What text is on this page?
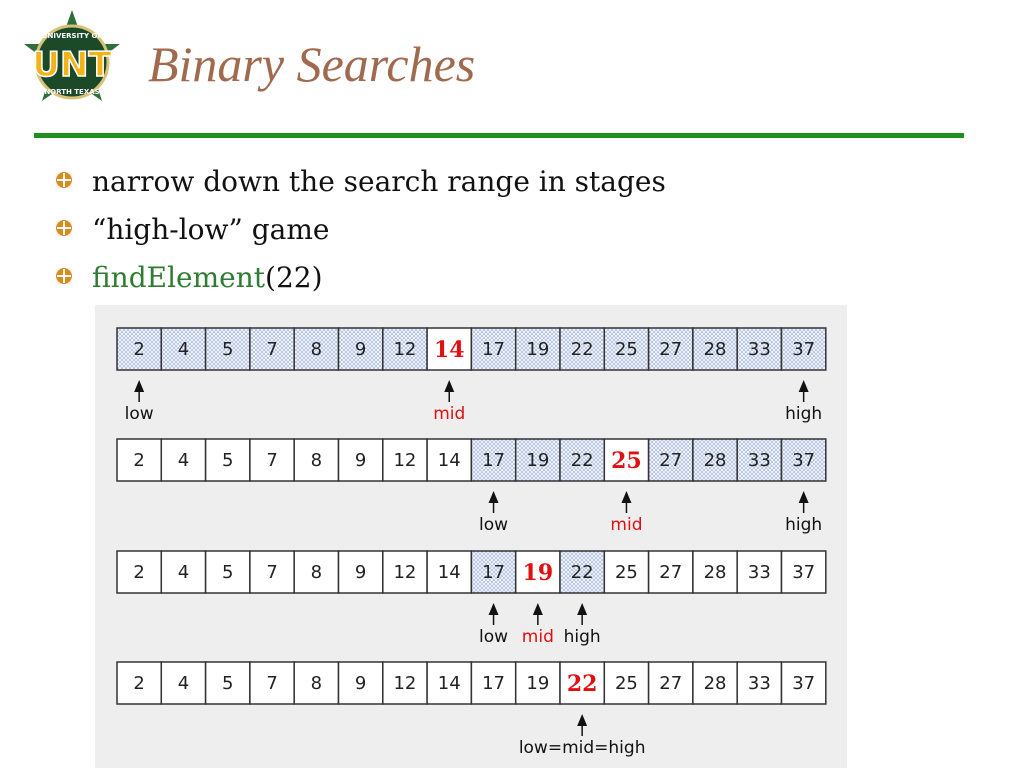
UNIVERSITY OF
NORTH TEXAS
UNT Binary Searches
narrow down the search range in stages
“high-low” game
findElement(22)
2 4 5 7 8 9 12 14 17 19 22 25 27 28 33 37
low	mid	high
2 4 5 7 8 9 12 14 17 19 22 25 27 28 33 37
low	mid	high
2 4 5 7 8 9 12 14 17 19 22 25 27 28 33 37
low mid high
2 4 5 7 8 9 12 14 17 19 22 25 27 28 33 37
low=mid=high
